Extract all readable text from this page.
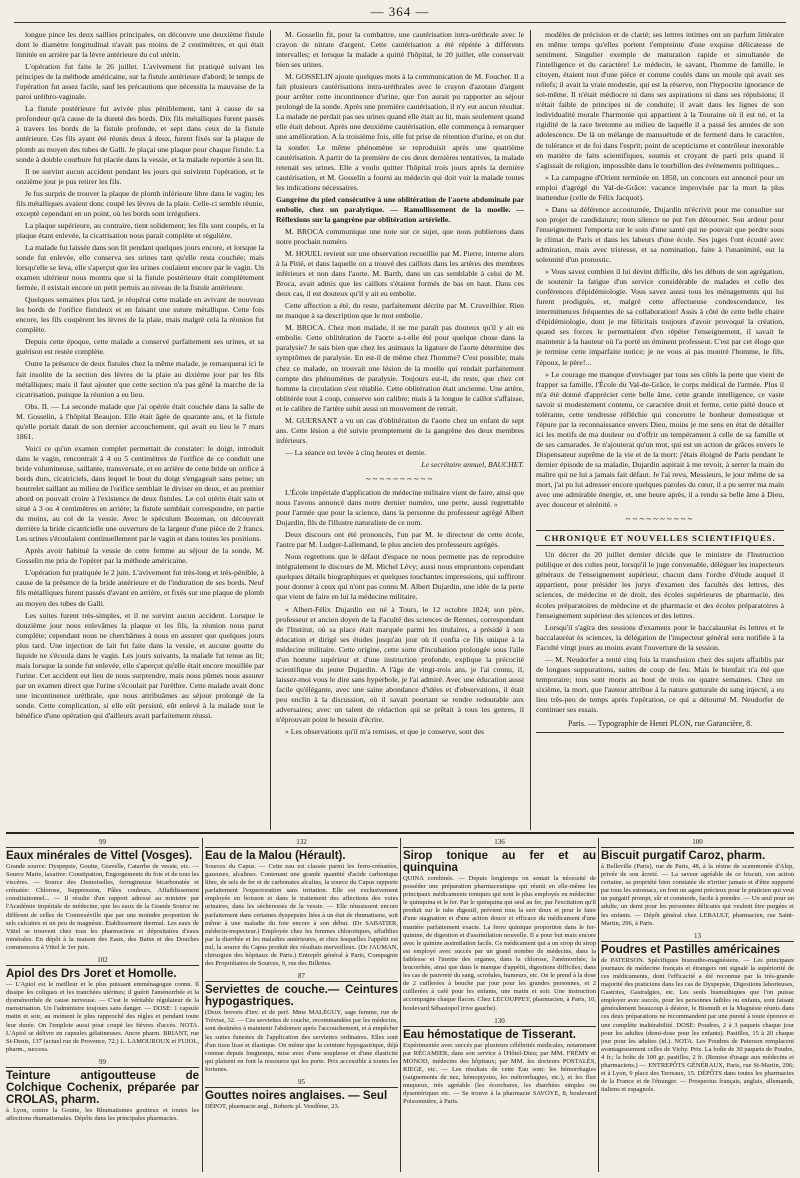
— 364 —

longue pince les deux saillies principales, on découvre une deuxième fistule dont le diamètre longitudinal n'avait pas moins de 2 centimètres, et qui était limitée en arrière par la lèvre antérieure du col utérin.

L'opération fut faite le 26 juillet. L'avivement fut pratiqué suivant les principes de la méthode américaine, sur la fistule antérieure d'abord; le temps de l'opération fut assez facile, sauf les précautions que nécessita la mauvaise de la paroi uréthro-vaginale.

La fistule postérieure fut avivée plus péniblement, tant à cause de sa profondeur qu'à cause de la dureté des bords. Dix fils métalliques furent passés à travers les bords de la fistule profonde, et sept dans ceux de la fistule antérieure. Ces fils ayant été réunis deux à deux, furent fixés sur la plaque de plomb au moyen des tubes de Galli. Je plaçai une plaque pour chaque fistule. La sonde à double courbure fut placée dans la vessie, et la malade reportée à son lit.

Il ne survint aucun accident pendant les jours qui suivirent l'opération, et le onzième jour je pus retirer les fils.

Je fus surpris de trouver la plaque de plomb inférieure libre dans le vagin; les fils métalliques avaient donc coupé les lèvres de la plaie. Celle-ci semble réunie, excepté cependant en un point, où les bords sont irréguliers.

La plaque supérieure, au contraire, tient solidement; les fils sont coupés, et la plaque étant enlevée, la cicatrisation nous parait complète et régulière.

La malade fut laissée dans son lit pendant quelques jours encore, et lorsque la sonde fut enlevée, elle conserva ses urines tant qu'elle resta couchée; mais lorsqu'elle se leva, elle s'aperçut que les urines coulaient encore par le vagin. Un examen ultérieur nous montra que si la fistule postérieure était complètement fermée, il existait encore un petit pertuis au niveau de la fistule antérieure.

Quelques semaines plus tard, je réopérai cette malade en avivant de nouveau les bords de l'orifice fistuleux et en faisant une suture métallique. Cette fois encore, les fils coupèrent les lèvres de la plaie, mais malgré cela la réunion fut complète.

Depuis cette époque, cette malade a conservé parfaitement ses urines, et sa guérison est restée complète.

Outre la présence de deux fistules chez la même malade, je remarquerai ici le fait insolite de la section des lèvres de la plaie au dixième jour par les fils métalliques; mais il faut ajouter que cette section n'a pas gêné la marche de la cicatrisation, puisque la réunion a eu lieu.

Obs. II. — La seconde malade que j'ai opérée était couchée dans la salle de M. Gosselin, à l'hôpital Beaujon. Elle était âgée de quarante ans, et la fistule qu'elle portait datait de son dernier accouchement, qui avait eu lieu le 7 mars 1861.

Voici ce qu'un examen complet permettait de constater: le doigt, introduit dans le vagin, rencontrait à 4 ou 5 centimètres de l'orifice de ce conduit une bride volumineuse, saillante, transversale, et en arrière de cette bride un orifice à bords durs, cicatriciels, dans lequel le bout du doigt s'engageait sans peine; un bourrelet saillant au milieu de l'orifice semblait le diviser en deux, et au premier abord on pouvait croire à l'existence de deux fistules. Le col utérin était sain et situé à 3 ou 4 centimètres en arrière; la fistule semblait correspondre, en partie du moins, au col de la vessie. Avec le spéculum Bozeman, on découvrait derrière la bride cicatricielle une ouverture de la largeur d'une pièce de 2 francs. Les urines s'écoulaient continuellement par le vagin et dans toutes les positions.

Après avoir habitué la vessie de cette femme au séjour de la sonde, M. Gosselin me pria de l'opérer par la méthode américaine.

L'opération fut pratiquée le 2 juin. L'avivement fut très-long et très-pénible, à cause de la présence de la bride antérieure et de l'induration de ses bords. Neuf fils métalliques furent passés d'avant en arrière, et fixés sur une plaque de plomb au moyen des tubes de Galli.

Les suites furent très-simples, et il ne survint aucun accident. Lorsque le douzième jour nous enlevâmes la plaque et les fils, la réunion nous parut complète; cependant nous ne cherchâmes à nous en assurer que quelques jours plus tard. Une injection de lait fut faite dans la vessie, et aucune goutte du liquide ne s'écoula dans le vagin. Les jours suivants, la malade fut tenue au lit; mais lorsque la sonde fut enlevée, elle s'aperçut qu'elle était encore mouillée par l'urine. Cet accident eut lieu de nous surprendre, mais nous pûmes nous assurer par un examen direct que l'urine s'écoulait par l'urèthre. Cette malade avait donc une incontinence urétbrale, que nous attribuâmes au séjour prolongé de la sonde. Cette complication, si elle eût persisté, eût enlevé à la malade tout le bénéfice d'une opération qui d'ailleurs avait parfaitement réussi.

M. Gosselin fit, pour la combattre, une cautérisation intra-uréthrale avec le crayon de nitrate d'argent. Cette cautérisation a été répétée à différents intervalles; et lorsque la malade a quitté l'hôpital, le 20 juillet, elle conservait bien ses urines.

M. GOSSELIN ajoute quelques mots à la communication de M. Foucher. Il a fait plusieurs cautérisations intra-uréthrales avec le crayon d'azotate d'argent pour arrêter cette incontinence d'urine, que l'on aurait pu rapporter au séjour prolongé de la sonde. Après une première cautérisation, il n'y eut aucun résultat. La malade ne perdait pas ses urines quand elle était au lit, mais seulement quand elle était debout. Après une deuxième cautérisation, elle commença à remarquer une amélioration. A la troisième fois, elle fut prise de rétention d'urine, et on dut la sonder. Le même phénomène se reproduisit après une quatrième cautérisation. A partir de la première de ces deux dernières tentatives, la malade retenait ses urines. Elle a voulu quitter l'hôpital trois jours après la dernière cautérisation, et M. Gosselin a fourni au médecin qui doit voir la malade toutes les indications nécessaires.

Gangrène du pied consécutive à une oblitération de l'aorte abdominale par embolie, chez un paralytique. — Ramollissement de la moelle. — Réflexions sur la gangrène par oblitération artérielle.

M. BROCA communique une note sur ce sujet, que nous publierons dans notre prochain numéro.

M. HOUEL revient sur une observation recueillie par M. Pierre, interne alors à la Pitié, et dans laquelle on a trouvé des caillots dans les artères des membres inférieurs et non dans l'aorte. M. Barth, dans un cas semblable à celui de M. Broca, avait admis que les caillots s'étaient formés de bas en haut. Dans ces deux cas, il est douteux qu'il y ait eu embolie.

Cette affection a été, du reste, parfaitement décrite par M. Cruveilhier. Rien ne manque à sa description que le mot embolie.

M. BROCA. Chez mon malade, il ne me paraît pas douteux qu'il y ait eu embolie. Cette oblitération de l'aorte a-t-elle été pour quelque chose dans la paralysie? Je sais bien que chez les animaux la ligature de l'aorte détermine des symptômes de paralysie. En est-il de même chez l'homme? C'est possible; mais chez ce malade, on trouvait une lésion de la moelle qui rendait parfaitement compte des phénomènes de paralysie. Toujours est-il, du reste, que chez cet homme la circulation s'est rétablie. Cette oblitération était ancienne. Une artère, oblitérée tout à coup, conserve son calibre; mais à la longue le caillot s'affaisse, et le calibre de l'artère subit aussi un mouvement de retrait.

M. GUERSANT a vu un cas d'oblitération de l'aorte chez un enfant de sept ans. Cette lésion a été suivie promptement de la gangrène des deux membres inférieurs.

— La séance est levée à cinq heures et demie.

Le secrétaire annuel, BAUCHET.

~~~~~~~~~~

L'École impériale d'application de médecine militaire vient de faire, ainsi que nous l'avons annoncé dans notre dernier numéro, une perte, aussi regrettable pour l'armée que pour la science, dans la personne du professeur agrégé Albert Dujardin, fils de l'illustre naturaliste de ce nom.

Deux discours ont été prononcés, l'un par M. le directeur de cette école, l'autre par M. Ludger-Lallemand, le plus ancien des professeurs agrégés.

Nous regrettons que le défaut d'espace ne nous permette pas de reproduire intégralement le discours de M. Michel Lévy; aussi nous empruntons cependant quelques détails biographiques et quelques touchantes impressions, qui suffiront pour donner à ceux qui n'ont pas connu M. Albert Dujardin, une idée de la perte que vient de faire en lui la médecine militaire.

« Albert-Félix Dujardin est né à Tours, le 12 octobre 1824; son père, professeur et ancien doyen de la Faculté des sciences de Rennes, correspondant de l'Institut, où sa place était marquée parmi les titulaires, a présidé à son éducation et dirigé ses études jusqu'au jour où il confia ce fils unique à la médecine militaire. Cette origine, cette sorte d'incubation prolongée sous l'aile d'un homme supérieur et d'une instruction profonde, explique la précocité scientifique du jeune Dujardin. A l'âge de vingt-trois ans, je l'ai connu, il, laissez-moi vous le dire sans hyperbole, je l'ai admiré. Avec une éducation aussi facile qu'élégante, avec une saine abondance d'idées et d'observations, il était peu enclin à la discussion, où il savait pourtant se rendre redoutable aux adversaires; avec un talent de rédaction qui se prêtait à tous les genres, il n'éprouvait point le besoin d'écrire.

» Les observations qu'il m'a remises, et que je conserve, sont des

modèles de précision et de clarté; ses lettres intimes ont un parfum littéraire en même temps qu'elles portent l'empreinte d'une exquise délicatesse de sentiment. Singulier exemple de maturation rapide et simultanée de l'intelligence et du caractère! Le médecin, le savant, l'homme de famille, le citoyen, étaient tout d'une pièce et comme coulés dans un moule qui avait ses reliefs; il avait la vraie modestie, qui est la réserve, non l'hypocrite ignorance de soi-même. Il n'était médiocre ni dans ses aspirations ni dans ses répulsions; il n'était faible de principes ni de conduite; il avait dans les lignes de son individualité morale l'harmonie qui appartient à la Touraine où il est né, et la rigidité de la race bretonne au milieu de laquelle il a passé les années de son adolescence. De là un mélange de mansuétude et de fermeté dans le caractère, de tolérance et de foi dans l'esprit; point de scepticisme et contrôleur inexorable en matière de faits scientifiques, soumis et croyant de parti pris quand il s'agissait de religion, impossible dans le tourbillon des évènements politiques...

» La campagne d'Orient terminée en 1858, un concours est annoncé pour un emploi d'agrégé du Val-de-Grâce: vacance improvisée par la mort la plus inattendue (celle de Félix Jacquot).

» Dans sa déférence accoutumée, Dujardin m'écrivit pour me consulter sur son projet de candidature; mon silence ne put l'en détourner. Son ardeur pour l'enseignement l'emporta sur le soin d'une santé qui ne pouvait que perdre sous le climat de Paris et dans les labeurs d'une école. Ses juges l'ont écouté avec admiration, mais avec tristesse, et sa nomination, faite à l'unanimité, eut la solennité d'un pronostic.

» Vous savez combien il lui devint difficile, dès les débuts de son agrégation, de soutenir la fatigue d'un service considérable de malades et celle des conférences d'épidémiologie. Vous savez aussi tous les ménagements qui lui furent prodigués, et, malgré cette affectueuse condescendance, les intermittences fréquentes de sa collaboration! Assis à côté de cette belle chaire d'épidémiologie, dont je me félicitais toujours d'avoir provoqué la création, quand ses forces le permettaient d'en répéter l'enseignement, il savait le maintenir à la hauteur où l'a porté un éminent professeur. C'est par cet éloge que je termine cette imparfaite notice; je ne vous ai pas montré l'homme, le fils, l'époux, le père!...

» Le courage me manque d'envisager par tous ses côtés la perte que vient de frapper sa famille, l'École du Val-de-Grâce, le corps médical de l'armée. Plus il m'a été donné d'apprécier cette belle âme, cette grande intelligence, ce vaste savoir si modestement contenu, ce caractère droit et ferme, cette piété douce et tolérante, cette tendresse réfléchie qui concentre le bonheur domestique et l'épure par la reconnaissance envers Dieu, moins je me sens en état de détailler ici les motifs de ma douleur ou d'offrir un tempérament à celle de sa famille et de ses camarades. Je n'ajouterai qu'un mot, qui est un action de grâces envers le Dispensateur suprême de la vie et de la mort: j'étais éloigné de Paris pendant le dernier épisode de sa maladie, Dujardin aspirait à me revoir, à serrer la main du maître qui ne lui a jamais fait défaut. Je l'ai revu, Messieurs, le jour même de sa mort, j'ai pu lui adresser encore quelques paroles du cœur, il a pu serrer ma main avec une admirable énergie, et, une heure après, il a rendu sa belle âme à Dieu, avec douceur et sérénité. »

~~~~~~~~~~
CHRONIQUE ET NOUVELLES SCIENTIFIQUES.

Un décret du 20 juillet dernier décide que le ministre de l'Instruction publique et des cultes peut, lorsqu'il le juge convenable, déléguer les inspecteurs généraux de l'enseignement supérieur, chacun dans l'ordre d'étude auquel il appartient, pour présider les jurys d'examen des facultés des lettres, des sciences, de médecine et de droit, des écoles supérieures de pharmacie, des écoles préparatoires de médecine et de pharmacie et des écoles préparatoires à l'enseignement supérieur des sciences et des lettres.

Lorsqu'il s'agira des sessions d'examens pour le baccalauréat ès lettres et le baccalauréat ès sciences, la délégation de l'inspecteur général sera notifiée à la Faculté vingt jours au moins avant l'ouverture de la session.

— M. Neudorfer a tenté cinq fois la transfusion chez des sujets affaiblis par de longues suppurations, suites de coup de feu. Mais le bienfait n'a été que temporaire; tous sont morts au bout de trois ou quatre semaines. Chez un sixième, la mort, que l'auteur attribue à la nature gutturale du sang injecté, a eu lieu très-peu de temps après l'opération, ce qui a détourné M. Neudorfer de continuer ses essais.

Paris. — Typographie de Henri PLON, rue Garancière, 8.
99
Eaux minérales de Vittel (Vosges).
Grande source: Dyspepsie, Goutte, Gravelle, Catarrhe de vessie, etc. — Source Marie, laxative: Constipation, Engorgements du foie et de tous les viscères. — Source des Demoiselles, ferrugineuse bicarbonatée et crénatée: Chlorose, Suppression, Pâles couleurs, Affaiblissement constitutionnel... — Il résulte d'un rapport adressé au ministre par l'Académie impériale de médecine, que les eaux de la Grande Source ne diffèrent de celles de Contrexéville que par une moindre proportion de sels calcaires et un peu de magnésie. Établissement thermal. Les eaux de Vittel se trouvent chez tous les pharmaciens et dépositaires d'eaux minérales. En dépôt à la maison des Eaux, des Bains et des Douches commencera à Vittel le 1er juin.
102
Apiol des Drs Joret et Homolle.
— L'Apiol est le meilleur et le plus puissant emménagogue connu. Il dissipe les coliques et les tranchées utérines; il guérit l'aménorrhée et la dysménorrhée de cause nerveuse. — C'est le véritable régulateur de la menstruation. Un l'administre toujours sans danger. — DOSE: 1 capsule matin et soir, au moment le plus rapproché des règles et pendant toute leur durée. On l'emploie aussi pour coupé les fièvres d'accès. NOTA. L'Apiol se délivre en capsules gélatineuses. Ancre pharm. BRIANT, rue St-Denis, 137 (actuel rue de Provence, 72.) L. LAMOUROUX et FUJOL, pharm., success.
99
Teinture antigoutteuse de Colchique Cochenix, préparée par CROLAS, pharm.
à Lyon, contre la Goutte, les Rhumatismes goutteux et toutes les affections rhumatismales. Dépôts dans les principales pharmacies.
132
Eau de la Malou (Hérault).
Sources du Capus. — Cette eau est classée parmi les ferro-crénatées, gazeuses, alcalines. Contenant une grande quantité d'acide carbonique libre, de sels de fer et de carbonates alcalins, la source du Capus rapporte parfaitement l'expectoration sans irritation. Elle est exclusivement employée en boisson et dans le traitement des affections des voies urinaires, dans les sécheresses de la vessie. — Elle réussissent encore parfaitement dans certaines dyspepsies liées à un état de rhumatisme, soit même à une maladie du foie encore à son début. (Dr SABATIER, médecin-inspecteur.) Employée chez les femmes chlorotiques, affaiblies par la diarrhée et les maladies antérieures, et chez lesquelles l'appétit est nul, la source du Capus produit des résultats merveilleux. (Dr JAUMAN, chirurgien des hôpitaux de Paris.) Entrepôt général à Paris, Compagnie des Propriétaires de Sources, 9, rue des Billettes.
87
Serviettes de couche.— Ceintures hypogastriques.
(Deux brevets d'inv. et de perf. Mme MALÉGUY, sage femme, rue de Trévise, 32. — Ces serviettes de couche, recommandées par les médecins, sont destinées à maintenir l'abdomen après l'accouchement, et à empêcher les suites funestes de l'application des serviettes ordinaires. Elles sont d'un tissu lisse et élastique. On même que la ceinture hypogastrique, déjà connue depuis longtemps, mise avec d'une souplesse et d'une élasticité qui plaisent en font la ressource qui les porte. Prix accessible à toutes les fortunes.
95
Gouttes noires anglaises. — Seul
DÉPOT, pharmacie angl., Roberts pl. Vendôme, 23.
136
Sirop tonique au fer et au quinquina
QUINA combinés. — Depuis longtemps on sentait la nécessité de posséder une préparation pharmaceutique qui réunit en elle-même les principaux médicaments toniques qui sont le plus employés en médecine: le quinquina et le fer. Par le quinquina qui seul au fer, par l'excitation qu'il produit sur le tube digestif, prévient tous la serr doux et pour le faire d'une stagnation et d'une action douce et efficace du médicament d'une manière parfaitement exacte. La ferro quinique proportion dans le fer-quinine, de digestion et d'assimilation nouvelle. Il a pour but mais encore avec le quinine assimilation facile. Ce médicament qui a un sirop du sirop est employé avec succès par un grand nombre de médecins, dans la faiblesse et l'inertie des organes, dans la chlorose, l'anémorrhée, la leucorrhée, ainsi que dans le manque d'appétit, digestions difficiles; dans les cas de pauvreté du sang, scrofules, humeurs, etc. On le prend à la dose de 2 cuillerées à bouche par jour pour les grandes personnes, et 2 cuillerées à café pour les enfants, une matin et soir. Une instruction accompagne chaque flacon. Chez LECOUPPEY, pharmacien, à Paris, 10, boulevard Sébastopol (rive gauche).
130
Eau hémostatique de Tisserant.
Expérimentée avec succès par plusieurs célébrités médicales, notamment par RÉCAMIER, dans son service à l'Hôtel-Dieu; par MM. FRÉMY et MONOD, médecins des hôpitaux; par MM. les docteurs POSTALÈS, RIEGE, etc. — Les résultats de cette Eau sont: les hémorrhagies (saignements de nez, hémoptysies, les métrorrhagies, etc.), et les flux muqueux, très agréable (les écorchures, les diarrhées simples ou dysentériques etc. — Se trouve à la pharmacie SAVOYE, 8, boulevard Poissonnière, à Paris.
100
Biscuit purgatif Caroz, pharm.
à Belleville (Paris), rue de Paris, 48, à la résine de scammonée d'Alep, privée de son âcreté. — La saveur agréable de ce biscuit, son action certaine, sa propriété bien constatée de n'irriter jamais et d'être supporté par tous les estomacs, en font un agent précieux pour le praticien qui veut un purgatif prompt, sûr et commode, facile à prendre. — Un seul pour un adulte, un demi pour les personnes délicates qui veulent être purgées et les enfants. — Dépôt général chez LEBAULT, pharmacien, rue Saint-Martin, 296, à Paris.
13
Poudres et Pastilles américaines
de PATERSON. Spécifiques bismutho-magnésiens. — Les principaux journaux de médecine français et étrangers ont signalé la supériorité de ces médicaments, dont l'efficacité a été reconnue par la très-grande majorité des praticiens dans les cas de Dyspepsie, Digestions laborieuses, Gastrites, Gastralgies, etc. Les seuls bismuthiques que l'on puisse employer avec succès, pour les personnes faibles ou enfants, sont faisant généralement beaucoup à désirer, le Bismuth et la Magnésie réunis dans ces deux préparations ne recommandent par une pureté à toute épreuve et une complète inaltérabilité. DOSE: Poudres, 2 à 3 paquets chaque jour pour les adultes (demi-dose pour les enfants). Pastilles, 15 à 20 chaque jour pour les adultes (id.). NOTA. Les Poudres de Paterson remplacent avantageusement celles de Vichy. Prix. La boîte de 30 paquets de Poudre, 4 fr.; la boîte de 100 gr. pastilles, 2 fr. (Remise d'usage aux médecins et pharmaciens.) — ENTREPÔTS GÉNÉRAUX, Paris, rue St-Martin, 296; et à Lyon, 9 place des Terreaux, 15. DÉPÔTS dans toutes les pharmacies de la France et de l'étranger. — Prospectus français, anglais, allemands, italiens et espagnols.
